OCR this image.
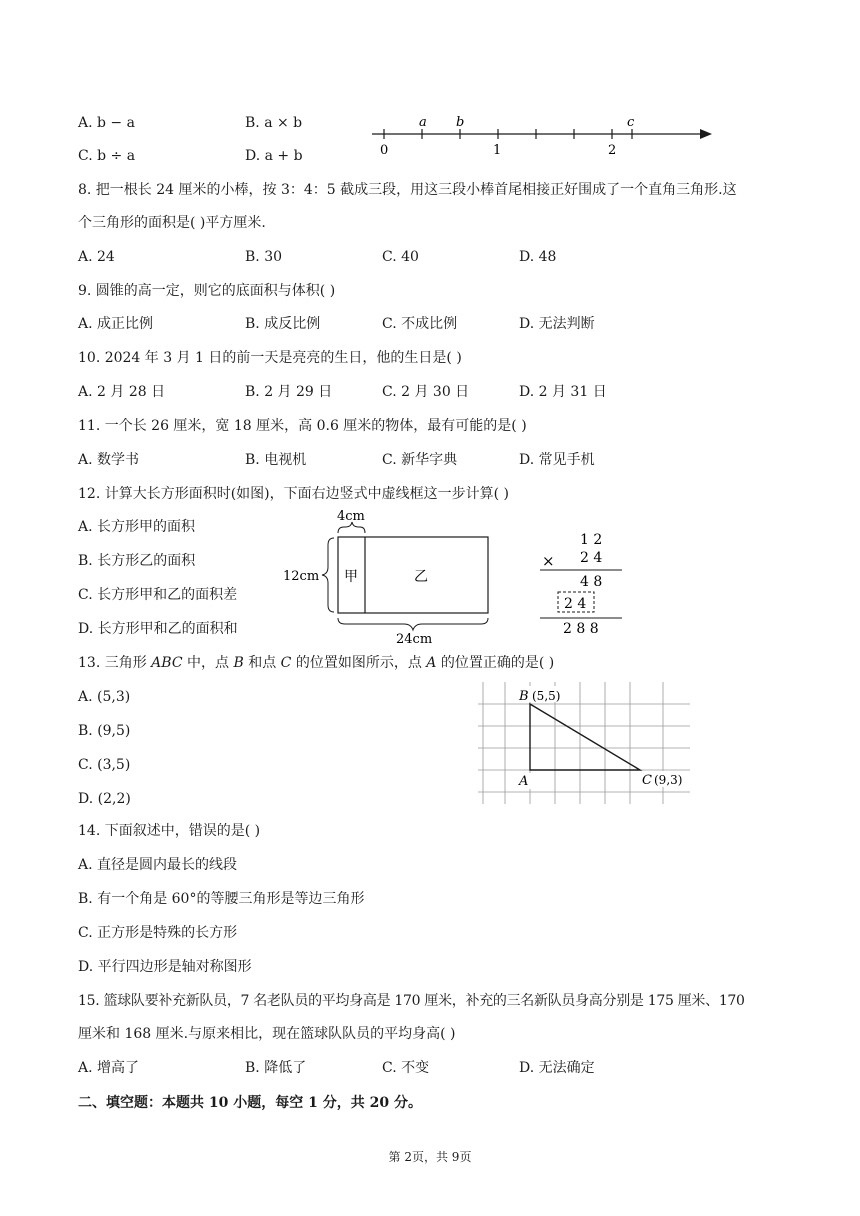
A. b − a	B. a × b
C. b ÷ a	D. a + b
a b	c
0	1	2
8. 把一根长 24 厘米的小棒，按 3：4：5 截成三段，用这三段小棒首尾相接正好围成了一个直角三角形.这
个三角形的面积是( )平方厘米.
A. 24	B. 30	C. 40	D. 48
9. 圆锥的高一定，则它的底面积与体积( )
A. 成正比例	B. 成反比例	C. 不成比例	D. 无法判断
10. 2024 年 3 月 1 日的前一天是亮亮的生日，他的生日是( )
A. 2 月 28 日	B. 2 月 29 日	C. 2 月 30 日	D. 2 月 31 日
11. 一个长 26 厘米，宽 18 厘米，高 0.6 厘米的物体，最有可能的是( )
A. 数学书	B. 电视机	C. 新华字典	D. 常见手机
12. 计算大长方形面积时(如图)，下面右边竖式中虚线框这一步计算( )
A. 长方形甲的面积
B. 长方形乙的面积
C. 长方形甲和乙的面积差
D. 长方形甲和乙的面积和
4cm
甲	乙
12cm
24cm
1 2
× 2 4
4 8
2 4
2 8 8
13. 三角形 ABC 中，点 B 和点 C 的位置如图所示，点 A 的位置正确的是( )
A. (5,3)
B. (9,5)
C. (3,5)
D. (2,2)
B (5,5)
A	C (9,3)
14. 下面叙述中，错误的是( )
A. 直径是圆内最长的线段
B. 有一个角是 60°的等腰三角形是等边三角形
C. 正方形是特殊的长方形
D. 平行四边形是轴对称图形
15. 篮球队要补充新队员，7 名老队员的平均身高是 170 厘米，补充的三名新队员身高分别是 175 厘米、170
厘米和 168 厘米.与原来相比，现在篮球队队员的平均身高( )
A. 增高了	B. 降低了	C. 不变	D. 无法确定
二、填空题：本题共 10 小题，每空 1 分，共 20 分。
第 2页，共 9页
